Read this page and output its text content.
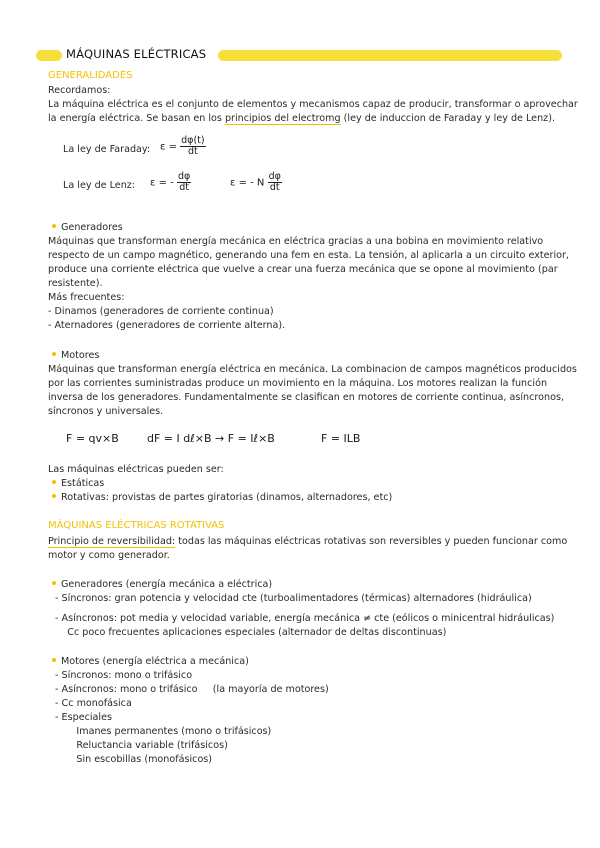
MÁQUINAS ELÉCTRICAS
GENERALIDADES
Recordamos:
La máquina eléctrica es el conjunto de elementos y mecanismos capaz de producir, transformar o aprovechar
la energía eléctrica. Se basan en los principios del electromg (ley de induccion de Faraday y ley de Lenz).
La ley de Faraday: $\varepsilon = \frac{d\varphi(t)}{dt}$
La ley de Lenz: ε = - $\frac{d\varphi}{dt}$	ε = - N $\frac{d\varphi}{dt}$
Generadores
Máquinas que transforman energía mecánica en eléctrica gracias a una bobina en movimiento relativo
respecto de un campo magnético, generando una fem en esta. La tensión, al aplicarla a un circuito exterior,
produce una corriente eléctrica que vuelve a crear una fuerza mecánica que se opone al movimiento (par
resistente).
Más frecuentes:
- Dinamos (generadores de corriente continua)
- Aternadores (generadores de corriente alterna).
Motores
Máquinas que transforman energía eléctrica en mecánica. La combinacion de campos magnéticos producidos
por las corrientes suministradas produce un movimiento en la máquina. Los motores realizan la función
inversa de los generadores. Fundamentalmente se clasifican en motores de corriente continua, asíncronos,
síncronos y universales.
F = qv×B	dF = I dℓ×B → F = Iℓ×B	F = ILB
Las máquinas eléctricas pueden ser:
Estáticas
Rotativas: provistas de partes giratorias (dinamos, alternadores, etc)
MÁQUINAS ELÉCTRICAS ROTATIVAS
Principio de reversibilidad: todas las máquinas eléctricas rotativas son reversibles y pueden funcionar como
motor y como generador.
Generadores (energía mecánica a eléctrica)
- Síncronos: gran potencia y velocidad cte (turboalimentadores (térmicas) alternadores (hidráulica)
- Asíncronos: pot media y velocidad variable, energía mecánica ≠ cte (eólicos o minicentral hidráulicas)
Cc poco frecuentes aplicaciones especiales (alternador de deltas discontinuas)
Motores (energía eléctrica a mecánica)
- Síncronos: mono o trifásico
- Asíncronos: mono o trifásico     (la mayoría de motores)
- Cc monofásica
- Especiales
Imanes permanentes (mono o trifásicos)
Reluctancia variable (trifásicos)
Sin escobillas (monofásicos)
